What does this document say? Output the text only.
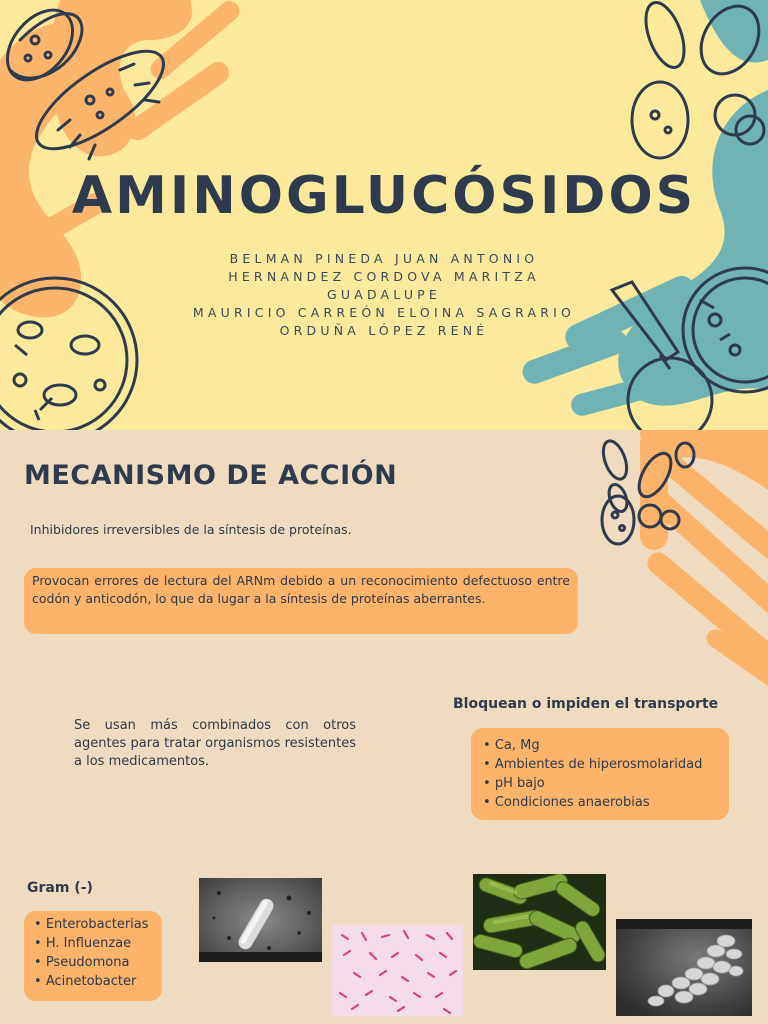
AMINOGLUCÓSIDOS
BELMAN PINEDA JUAN ANTONIO
HERNANDEZ CORDOVA MARITZA
GUADALUPE
MAURICIO CARREÓN ELOINA SAGRARIO
ORDUÑA LÓPEZ RENÉ
MECANISMO DE ACCIÓN

Inhibidores irreversibles de la síntesis de proteínas.

Provocan errores de lectura del ARNm debido a un reconocimiento defectuoso entre codón y anticodón, lo que da lugar a la síntesis de proteínas aberrantes.

Se usan más combinados con otros agentes para tratar organismos resistentes a los medicamentos.

Bloquean o impiden el transporte
• Ca, Mg
• Ambientes de hiperosmolaridad
• pH bajo
• Condiciones anaerobias
Gram (-)
• Enterobacterias
• H. Influenzae
• Pseudomona
• Acinetobacter
